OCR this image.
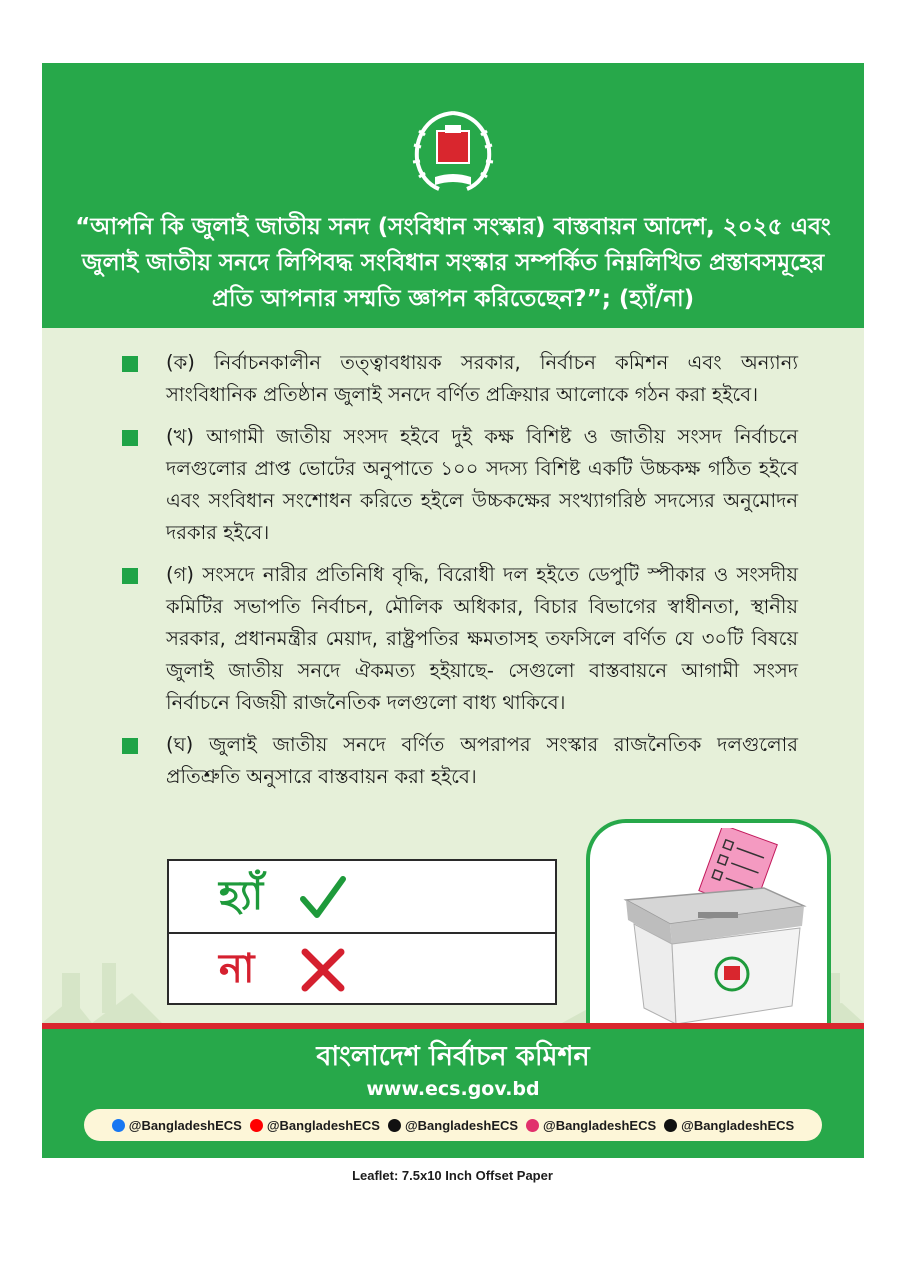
“আপনি কি জুলাই জাতীয় সনদ (সংবিধান সংস্কার) বাস্তবায়ন আদেশ, ২০২৫ এবং জুলাই জাতীয় সনদে লিপিবদ্ধ সংবিধান সংস্কার সম্পর্কিত নিম্নলিখিত প্রস্তাবসমূহের প্রতি আপনার সম্মতি জ্ঞাপন করিতেছেন?”; (হ্যাঁ/না)

(ক) নির্বাচনকালীন তত্ত্বাবধায়ক সরকার, নির্বাচন কমিশন এবং অন্যান্য সাংবিধানিক প্রতিষ্ঠান জুলাই সনদে বর্ণিত প্রক্রিয়ার আলোকে গঠন করা হইবে।
(খ) আগামী জাতীয় সংসদ হইবে দুই কক্ষ বিশিষ্ট ও জাতীয় সংসদ নির্বাচনে দলগুলোর প্রাপ্ত ভোটের অনুপাতে ১০০ সদস্য বিশিষ্ট একটি উচ্চকক্ষ গঠিত হইবে এবং সংবিধান সংশোধন করিতে হইলে উচ্চকক্ষের সংখ্যাগরিষ্ঠ সদস্যের অনুমোদন দরকার হইবে।
(গ) সংসদে নারীর প্রতিনিধি বৃদ্ধি, বিরোধী দল হইতে ডেপুটি স্পীকার ও সংসদীয় কমিটির সভাপতি নির্বাচন, মৌলিক অধিকার, বিচার বিভাগের স্বাধীনতা, স্থানীয় সরকার, প্রধানমন্ত্রীর মেয়াদ, রাষ্ট্রপতির ক্ষমতাসহ তফসিলে বর্ণিত যে ৩০টি বিষয়ে জুলাই জাতীয় সনদে ঐকমত্য হইয়াছে- সেগুলো বাস্তবায়নে আগামী সংসদ নির্বাচনে বিজয়ী রাজনৈতিক দলগুলো বাধ্য থাকিবে।
(ঘ) জুলাই জাতীয় সনদে বর্ণিত অপরাপর সংস্কার রাজনৈতিক দলগুলোর প্রতিশ্রুতি অনুসারে বাস্তবায়ন করা হইবে।
হ্যাঁ
না

বাংলাদেশ নির্বাচন কমিশন

www.ecs.gov.bd
@BangladeshECS @BangladeshECS @BangladeshECS @BangladeshECS @BangladeshECS
Leaflet: 7.5x10 Inch Offset Paper
